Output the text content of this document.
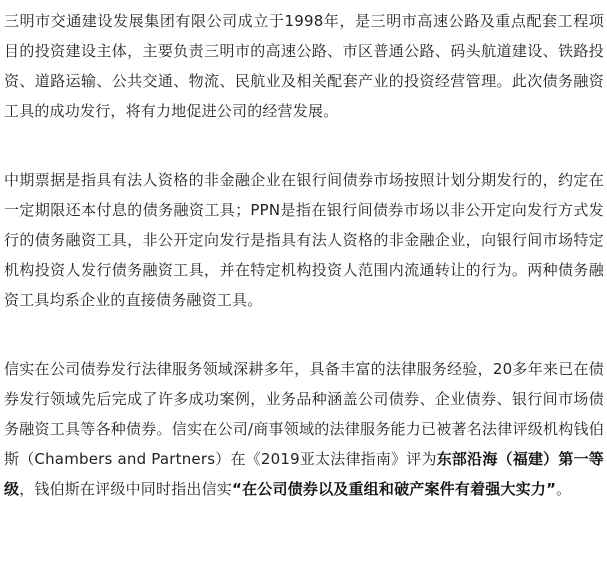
三明市交通建设发展集团有限公司成立于1998年，是三明市高速公路及重点配套工程项目的投资建设主体，主要负责三明市的高速公路、市区普通公路、码头航道建设、铁路投资、道路运输、公共交通、物流、民航业及相关配套产业的投资经营管理。此次债务融资工具的成功发行，将有力地促进公司的经营发展。

中期票据是指具有法人资格的非金融企业在银行间债券市场按照计划分期发行的，约定在一定期限还本付息的债务融资工具；PPN是指在银行间债券市场以非公开定向发行方式发行的债务融资工具，非公开定向发行是指具有法人资格的非金融企业，向银行间市场特定机构投资人发行债务融资工具，并在特定机构投资人范围内流通转让的行为。两种债务融资工具均系企业的直接债务融资工具。

信实在公司债券发行法律服务领域深耕多年，具备丰富的法律服务经验，20多年来已在债券发行领域先后完成了许多成功案例，业务品种涵盖公司债券、企业债券、银行间市场债务融资工具等各种债券。信实在公司/商事领域的法律服务能力已被著名法律评级机构钱伯斯（Chambers and Partners）在《2019亚太法律指南》评为东部沿海（福建）第一等级，钱伯斯在评级中同时指出信实“在公司债券以及重组和破产案件有着强大实力”。
